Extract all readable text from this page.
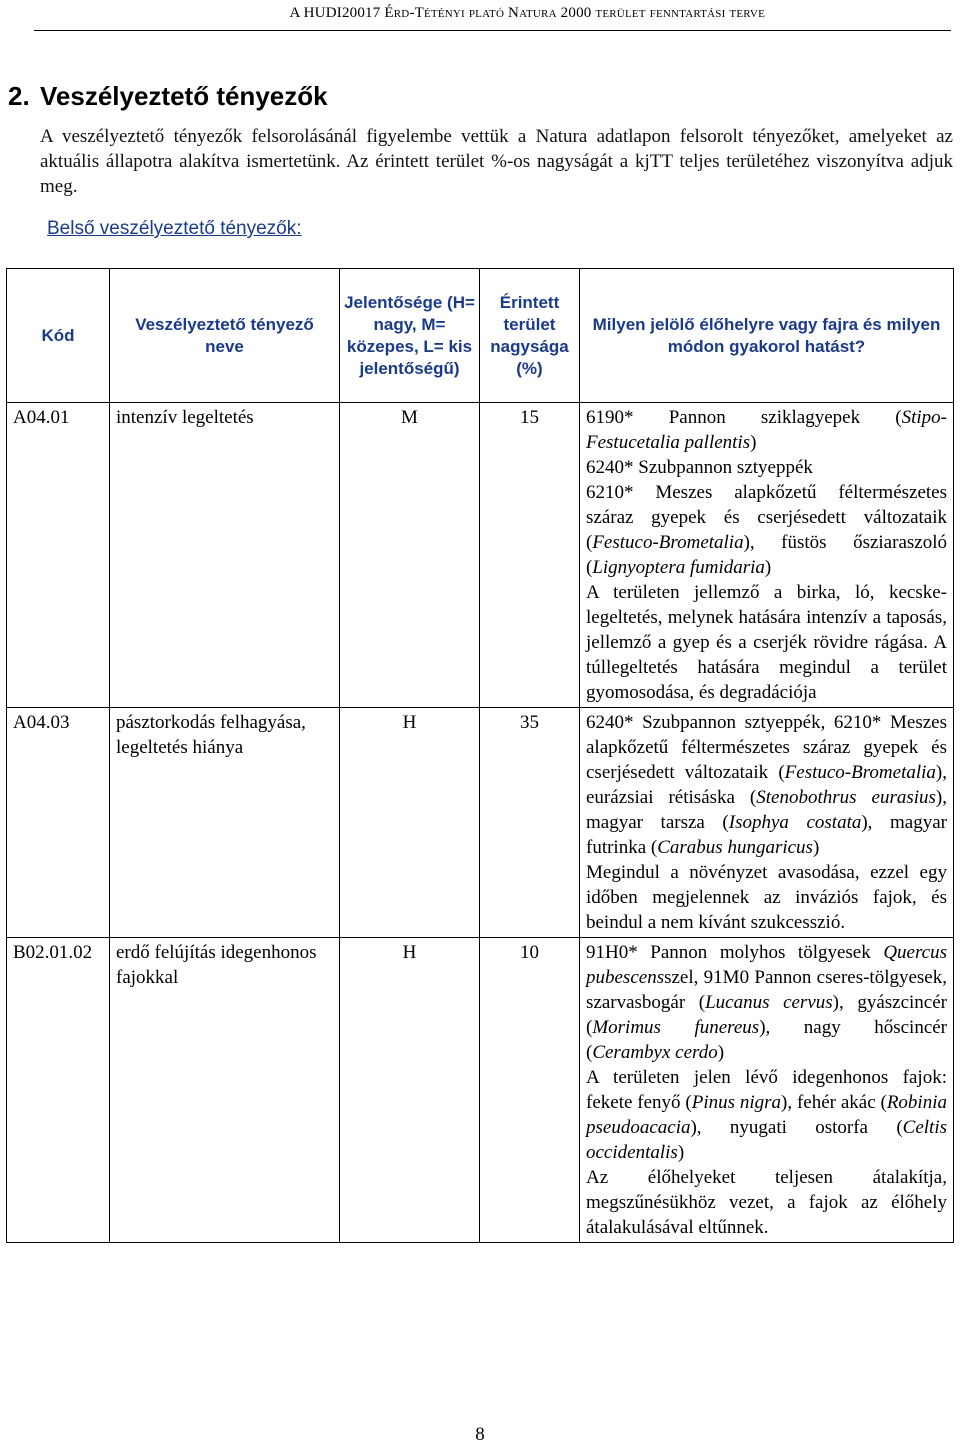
A HUDI20017 Érd-Tétényi plató Natura 2000 terület fenntartási terve
2. Veszélyeztető tényezők

A veszélyeztető tényezők felsorolásánál figyelembe vettük a Natura adatlapon felsorolt tényezőket, amelyeket az aktuális állapotra alakítva ismertetünk. Az érintett terület %-os nagyságát a kjTT teljes területéhez viszonyítva adjuk meg.

Belső veszélyeztető tényezők:

Kód	Veszélyeztető tényező neve	Jelentősége (H= nagy, M= közepes, L= kis jelentőségű)	Érintett terület nagysága (%)	Milyen jelölő élőhelyre vagy fajra és milyen módon gyakorol hatást?
A04.01	intenzív legeltetés	M	15	6190* Pannon sziklagyepek (Stipo-Festucetalia pallentis)

6240* Szubpannon sztyeppék

6210* Meszes alapkőzetű féltermészetes száraz gyepek és cserjésedett változataik (Festuco-Brometalia), füstös ősziaraszoló (Lignyoptera fumidaria)

A területen jellemző a birka, ló, kecske-legeltetés, melynek hatására intenzív a taposás, jellemző a gyep és a cserjék rövidre rágása. A túllegeltetés hatására megindul a terület gyomosodása, és degradációja

A04.03	pásztorkodás felhagyása, legeltetés hiánya	H	35	6240* Szubpannon sztyeppék, 6210* Meszes alapkőzetű féltermészetes száraz gyepek és cserjésedett változataik (Festuco-Brometalia), eurázsiai rétisáska (Stenobothrus eurasius), magyar tarsza (Isophya costata), magyar futrinka (Carabus hungaricus)

Megindul a növényzet avasodása, ezzel egy időben megjelennek az inváziós fajok, és beindul a nem kívánt szukcesszió.

B02.01.02	erdő felújítás idegenhonos fajokkal	H	10	91H0* Pannon molyhos tölgyesek Quercus pubescensszel, 91M0 Pannon cseres-tölgyesek, szarvasbogár (Lucanus cervus), gyászcincér (Morimus funereus), nagy hőscincér (Cerambyx cerdo)

A területen jelen lévő idegenhonos fajok: fekete fenyő (Pinus nigra), fehér akác (Robinia pseudoacacia), nyugati ostorfa (Celtis occidentalis)

Az élőhelyeket teljesen átalakítja, megszűnésükhöz vezet, a fajok az élőhely átalakulásával eltűnnek.

8
